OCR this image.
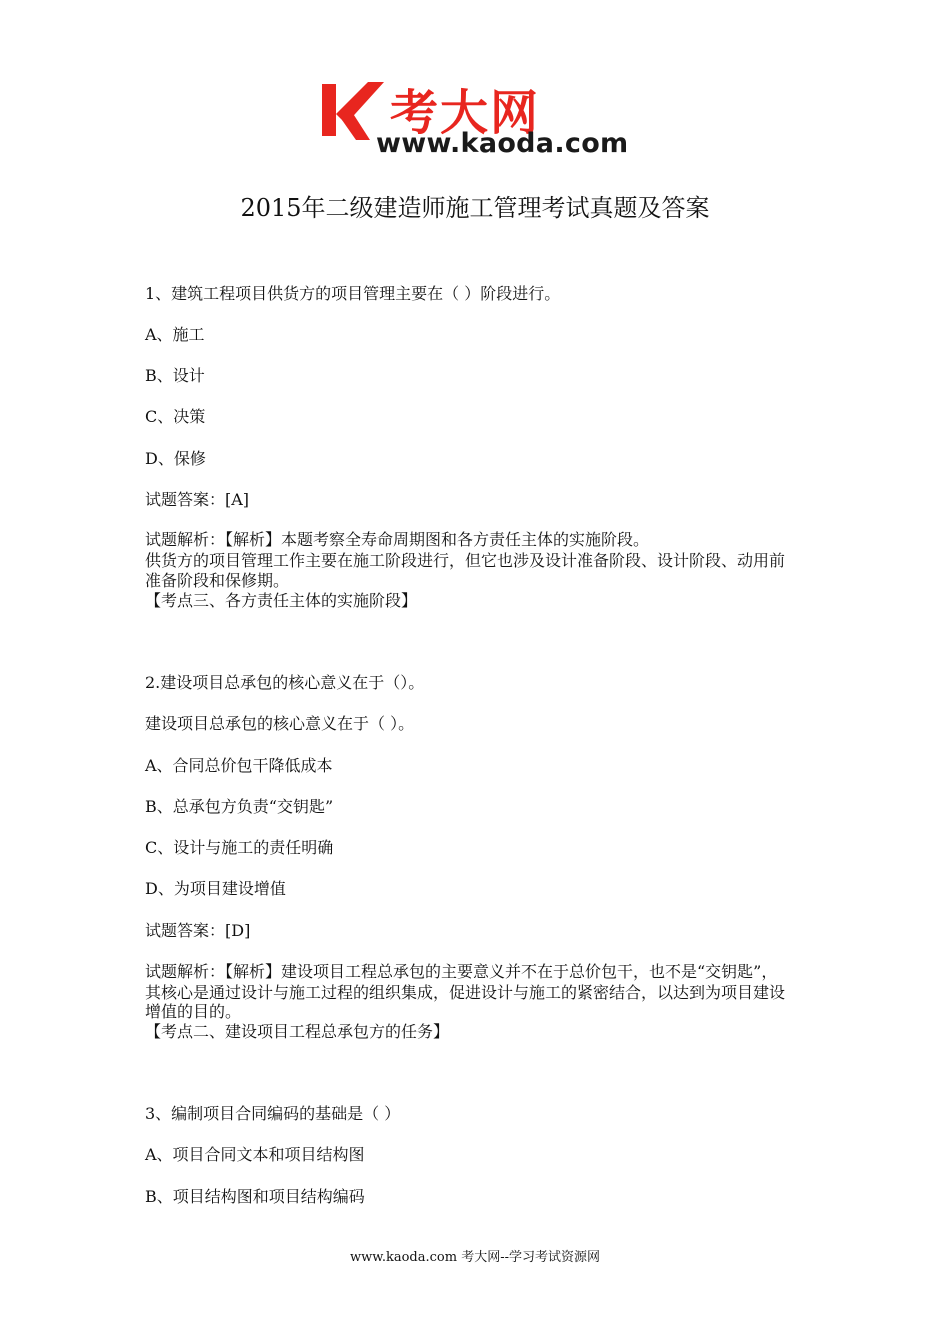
考大网
www.kaoda.com
2015年二级建造师施工管理考试真题及答案
1、建筑工程项目供货方的项目管理主要在（ ）阶段进行。
A、施工
B、设计
C、决策
D、保修
试题答案：[A]
试题解析：【解析】本题考察全寿命周期图和各方责任主体的实施阶段。
供货方的项目管理工作主要在施工阶段进行，但它也涉及设计准备阶段、设计阶段、动用前
准备阶段和保修期。
【考点三、各方责任主体的实施阶段】
2.建设项目总承包的核心意义在于（）。
建设项目总承包的核心意义在于（ ）。
A、合同总价包干降低成本
B、总承包方负责“交钥匙”
C、设计与施工的责任明确
D、为项目建设增值
试题答案：[D]
试题解析：【解析】建设项目工程总承包的主要意义并不在于总价包干，也不是“交钥匙”，
其核心是通过设计与施工过程的组织集成，促进设计与施工的紧密结合，以达到为项目建设
增值的目的。
【考点二、建设项目工程总承包方的任务】
3、编制项目合同编码的基础是（ ）
A、项目合同文本和项目结构图
B、项目结构图和项目结构编码
www.kaoda.com 考大网--学习考试资源网
